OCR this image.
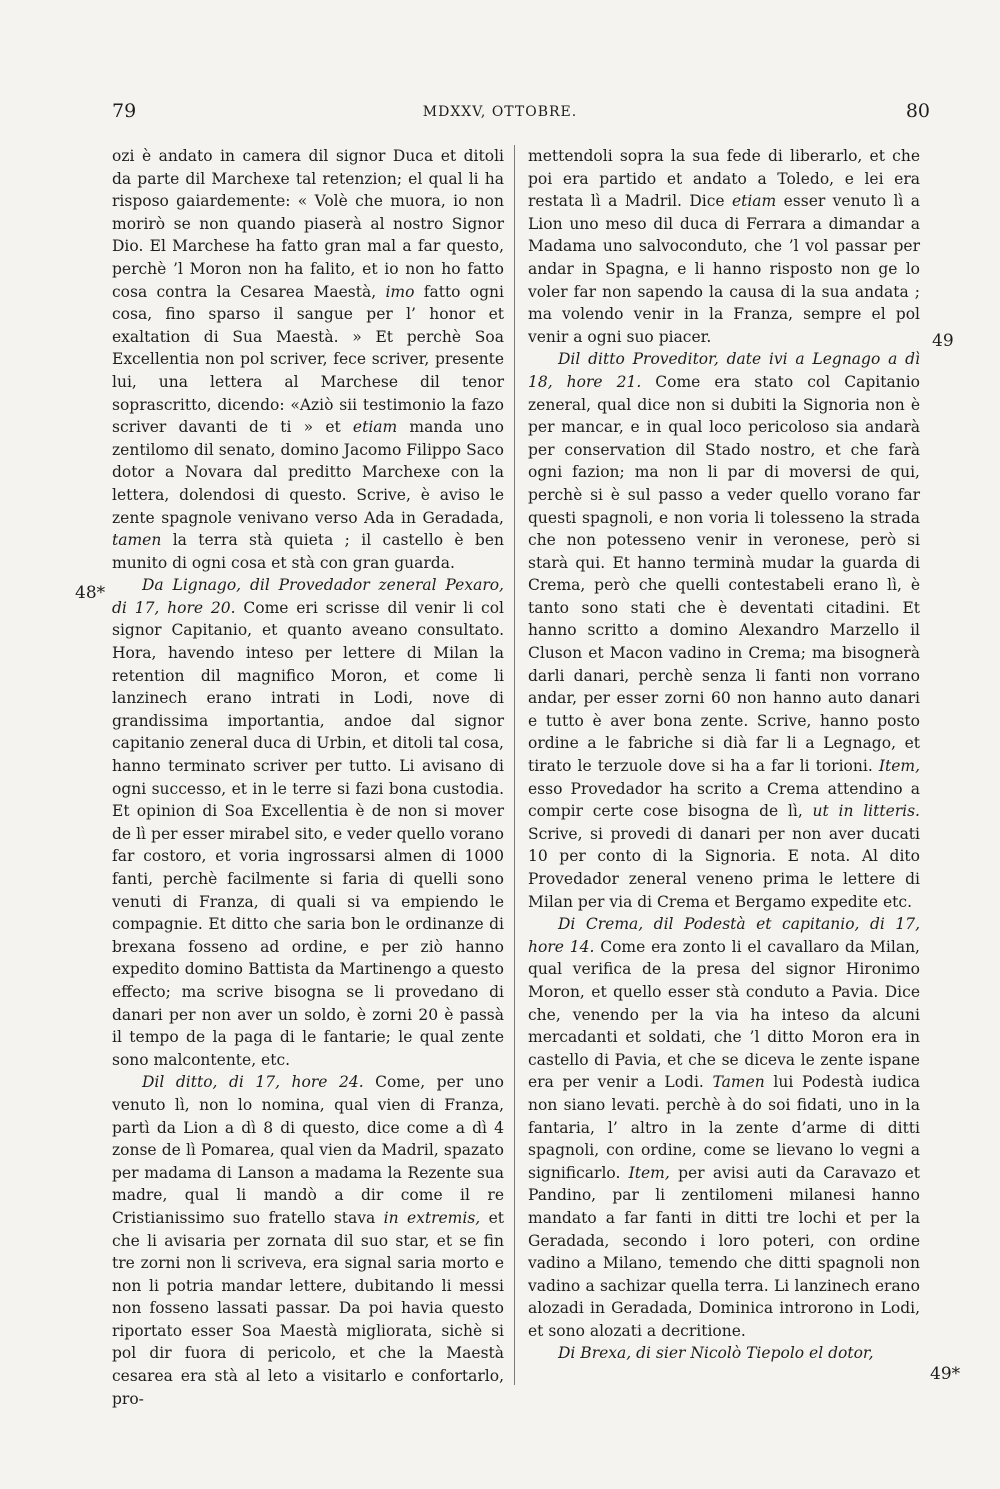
79	MDXXV, OTTOBRE.	80
48*
49
49*

ozi è andato in camera dil signor Duca et ditoli da parte dil Marchexe tal retenzion; el qual li ha risposo gaiardemente: « Volè che muora, io non morirò se non quando piaserà al nostro Signor Dio. El Marchese ha fatto gran mal a far questo, perchè ’l Moron non ha falito, et io non ho fatto cosa contra la Cesarea Maestà, imo fatto ogni cosa, fino sparso il sangue per l’ honor et exaltation di Sua Maestà. » Et perchè Soa Excellentia non pol scriver, fece scriver, presente lui, una lettera al Marchese dil tenor soprascritto, dicendo: «Aziò sii testimonio la fazo scriver davanti de ti » et etiam manda uno zentilomo dil senato, domino Jacomo Filippo Saco dotor a Novara dal preditto Marchexe con la lettera, dolendosi di questo. Scrive, è aviso le zente spagnole venivano verso Ada in Geradada, tamen la terra stà quieta ; il castello è ben munito di ogni cosa et stà con gran guarda.

Da Lignago, dil Provedador zeneral Pexaro, di 17, hore 20. Come eri scrisse dil venir li col signor Capitanio, et quanto aveano consultato. Hora, havendo inteso per lettere di Milan la retention dil magnifico Moron, et come li lanzinech erano intrati in Lodi, nove di grandissima importantia, andoe dal signor capitanio zeneral duca di Urbin, et ditoli tal cosa, hanno terminato scriver per tutto. Li avisano di ogni successo, et in le terre si fazi bona custodia. Et opinion di Soa Excellentia è de non si mover de lì per esser mirabel sito, e veder quello vorano far costoro, et voria ingrossarsi almen di 1000 fanti, perchè facilmente si faria di quelli sono venuti di Franza, di quali si va empiendo le compagnie. Et ditto che saria bon le ordinanze di brexana fosseno ad ordine, e per ziò hanno expedito domino Battista da Martinengo a questo effecto; ma scrive bisogna se li provedano di danari per non aver un soldo, è zorni 20 è passà il tempo de la paga di le fantarie; le qual zente sono malcontente, etc.

Dil ditto, di 17, hore 24. Come, per uno venuto lì, non lo nomina, qual vien di Franza, partì da Lion a dì 8 di questo, dice come a dì 4 zonse de lì Pomarea, qual vien da Madril, spazato per madama di Lanson a madama la Rezente sua madre, qual li mandò a dir come il re Cristianissimo suo fratello stava in extremis, et che li avisaria per zornata dil suo star, et se fin tre zorni non li scriveva, era signal saria morto e non li potria mandar lettere, dubitando li messi non fosseno lassati passar. Da poi havia questo riportato esser Soa Maestà migliorata, sichè si pol dir fuora di pericolo, et che la Maestà cesarea era stà al leto a visitarlo e confortarlo, pro-

mettendoli sopra la sua fede di liberarlo, et che poi era partido et andato a Toledo, e lei era restata lì a Madril. Dice etiam esser venuto lì a Lion uno meso dil duca di Ferrara a dimandar a Madama uno salvoconduto, che ’l vol passar per andar in Spagna, e li hanno risposto non ge lo voler far non sapendo la causa di la sua andata ; ma volendo venir in la Franza, sempre el pol venir a ogni suo piacer.

Dil ditto Proveditor, date ivi a Legnago a dì 18, hore 21. Come era stato col Capitanio zeneral, qual dice non si dubiti la Signoria non è per mancar, e in qual loco pericoloso sia andarà per conservation dil Stado nostro, et che farà ogni fazion; ma non li par di moversi de qui, perchè si è sul passo a veder quello vorano far questi spagnoli, e non voria li tolesseno la strada che non potesseno venir in veronese, però si starà qui. Et hanno terminà mudar la guarda di Crema, però che quelli contestabeli erano lì, è tanto sono stati che è deventati citadini. Et hanno scritto a domino Alexandro Marzello il Cluson et Macon vadino in Crema; ma bisognerà darli danari, perchè senza li fanti non vorrano andar, per esser zorni 60 non hanno auto danari e tutto è aver bona zente. Scrive, hanno posto ordine a le fabriche si dià far li a Legnago, et tirato le terzuole dove si ha a far li torioni. Item, esso Provedador ha scrito a Crema attendino a compir certe cose bisogna de lì, ut in litteris. Scrive, si provedi di danari per non aver ducati 10 per conto di la Signoria. E nota. Al dito Provedador zeneral veneno prima le lettere di Milan per via di Crema et Bergamo expedite etc.

Di Crema, dil Podestà et capitanio, di 17, hore 14. Come era zonto li el cavallaro da Milan, qual verifica de la presa del signor Hironimo Moron, et quello esser stà conduto a Pavia. Dice che, venendo per la via ha inteso da alcuni mercadanti et soldati, che ’l ditto Moron era in castello di Pavia, et che se diceva le zente ispane era per venir a Lodi. Tamen lui Podestà iudica non siano levati. perchè à do soi fidati, uno in la fantaria, l’ altro in la zente d’arme di ditti spagnoli, con ordine, come se lievano lo vegni a significarlo. Item, per avisi auti da Caravazo et Pandino, par li zentilomeni milanesi hanno mandato a far fanti in ditti tre lochi et per la Geradada, secondo i loro poteri, con ordine vadino a Milano, temendo che ditti spagnoli non vadino a sachizar quella terra. Li lanzinech erano alozadi in Geradada, Dominica introrono in Lodi, et sono alozati a decritione.

Di Brexa, di sier Nicolò Tiepolo el dotor,
